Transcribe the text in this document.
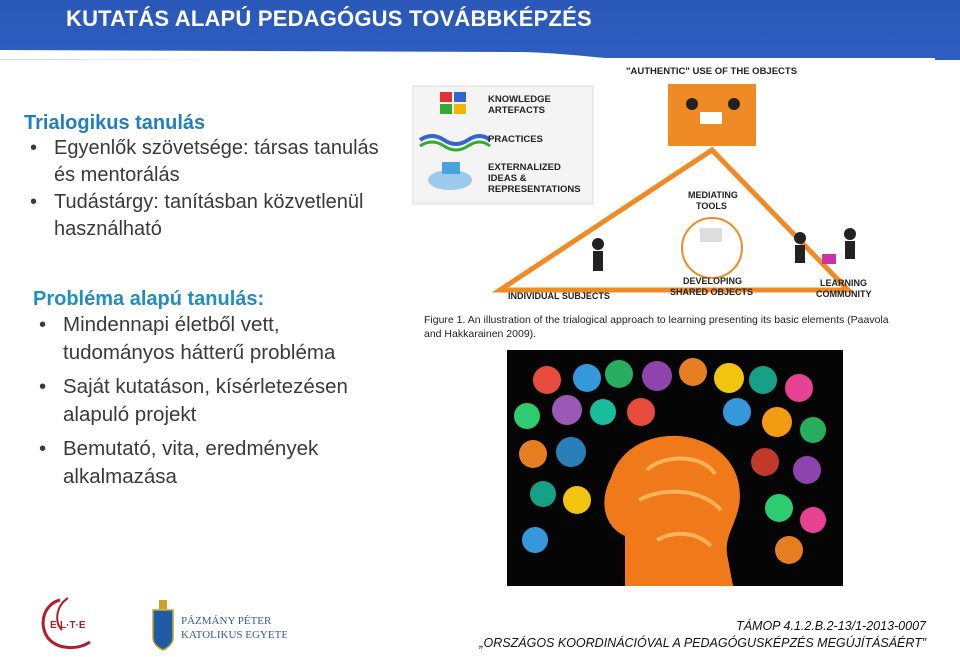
KUTATÁS ALAPÚ PEDAGÓGUS TOVÁBBKÉPZÉS
Trialogikus tanulás
• Egyenlők szövetsége: társas tanulás és mentorálás
• Tudástárgy: tanításban közvetlenül használható
Probléma alapú tanulás:
• Mindennapi életből vett, tudományos hátterű probléma
• Saját kutatáson, kísérletezésen alapuló projekt
• Bemutató, vita, eredmények alkalmazása
KNOWLEDGE
ARTEFACTS
PRACTICES
EXTERNALIZED
IDEAS &
REPRESENTATIONS
"AUTHENTIC" USE OF THE OBJECTS
MEDIATING
TOOLS
DEVELOPING
SHARED OBJECTS
INDIVIDUAL SUBJECTS
LEARNING
COMMUNITY
Figure 1. An illustration of the trialogical approach to learning presenting its basic elements (Paavola and Hakkarainen 2009).
E·L·T·E	PÁZMÁNY PÉTER
KATOLIKUS EGYETEM
TÁMOP 4.1.2.B.2-13/1-2013-0007
„ORSZÁGOS KOORDINÁCIÓVAL A PEDAGÓGUSKÉPZÉS MEGÚJÍTÁSÁÉRT”
